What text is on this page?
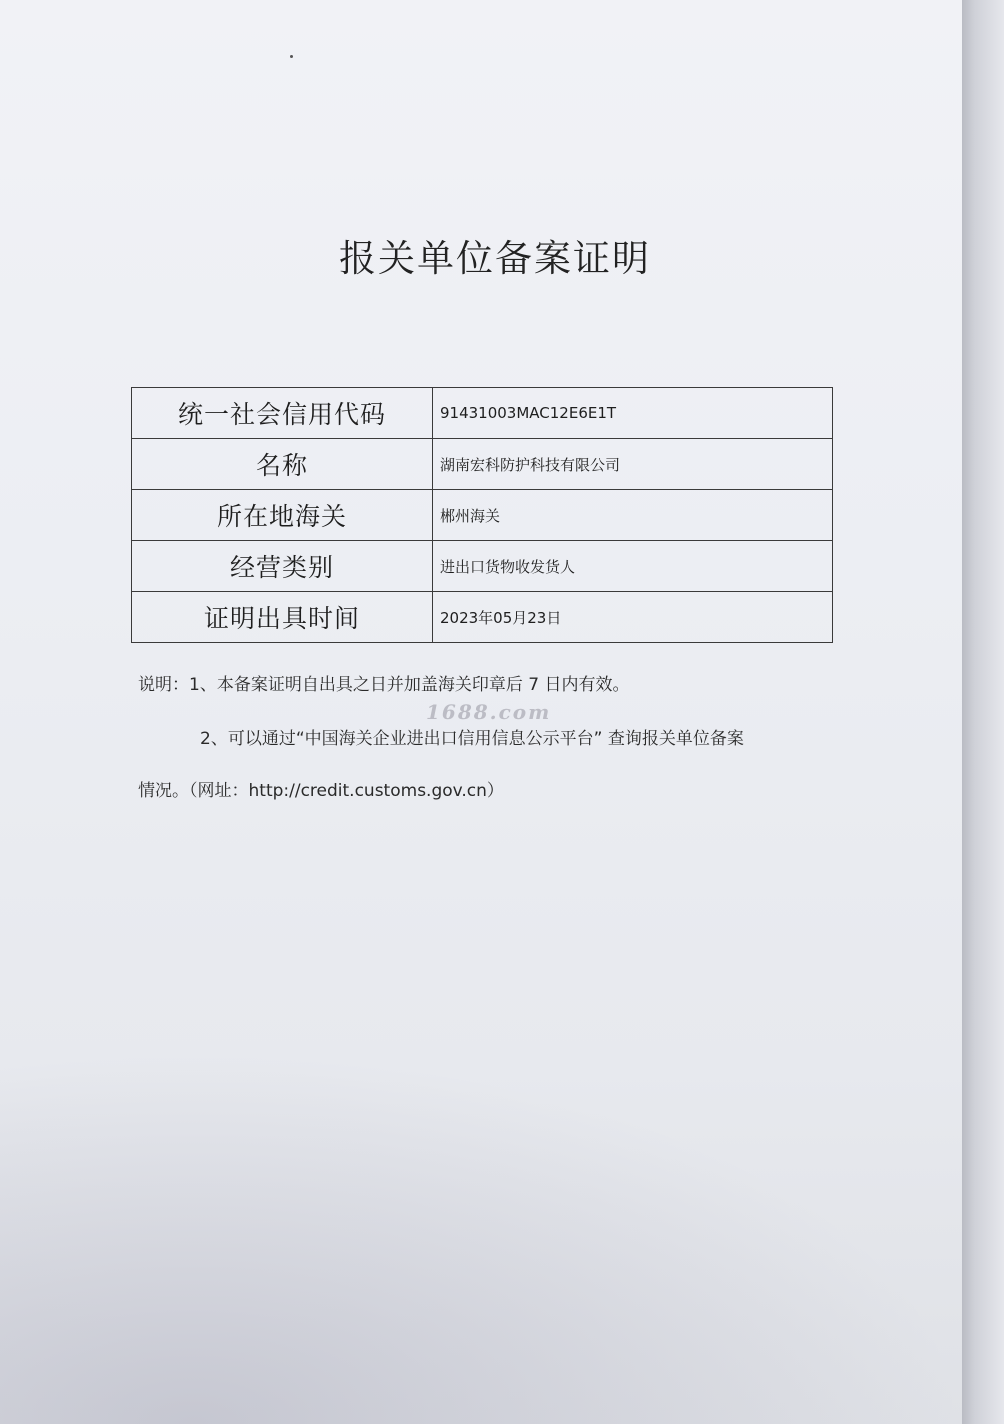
报关单位备案证明
统一社会信用代码	91431003MAC12E6E1T
名称	湖南宏科防护科技有限公司
所在地海关	郴州海关
经营类别	进出口货物收发货人
证明出具时间	2023年05月23日
说明：1、本备案证明自出具之日并加盖海关印章后 7 日内有效。
1688.com
2、可以通过“中国海关企业进出口信用信息公示平台” 查询报关单位备案
情况。（网址：http://credit.customs.gov.cn）
